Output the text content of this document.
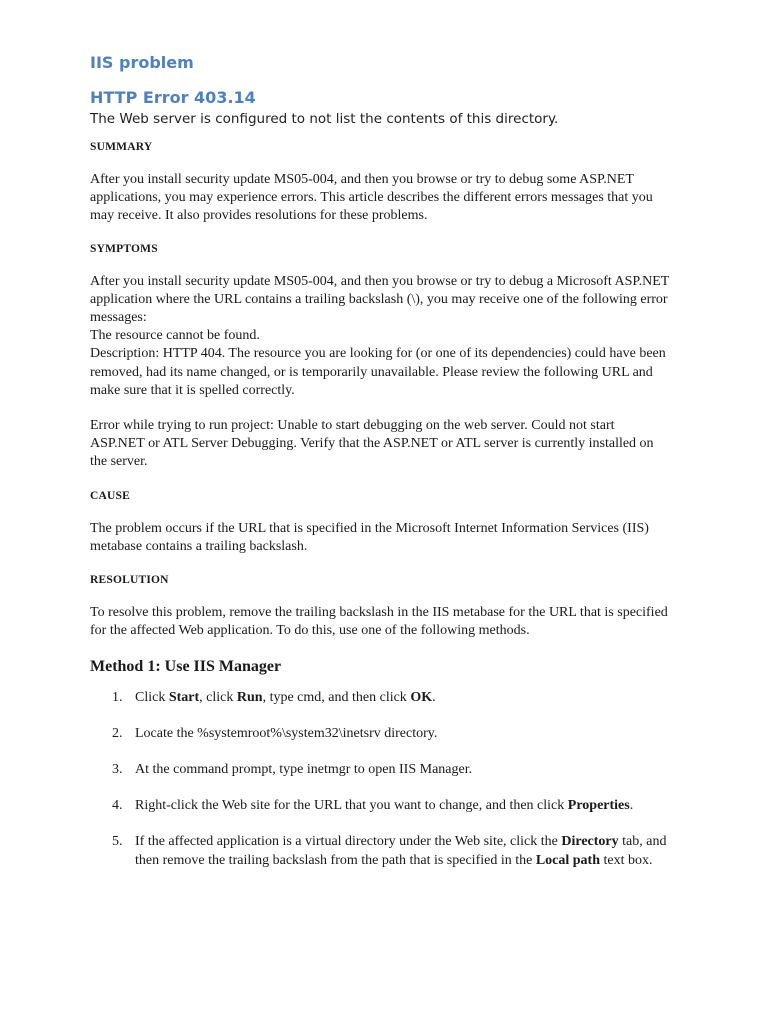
IIS problem
HTTP Error 403.14

The Web server is configured to not list the contents of this directory.

SUMMARY

After you install security update MS05-004, and then you browse or try to debug some ASP.NET applications, you may experience errors. This article describes the different errors messages that you may receive. It also provides resolutions for these problems.

SYMPTOMS

After you install security update MS05-004, and then you browse or try to debug a Microsoft ASP.NET application where the URL contains a trailing backslash (\), you may receive one of the following error messages:
The resource cannot be found.
Description: HTTP 404. The resource you are looking for (or one of its dependencies) could have been removed, had its name changed, or is temporarily unavailable. Please review the following URL and make sure that it is spelled correctly.

Error while trying to run project: Unable to start debugging on the web server. Could not start ASP.NET or ATL Server Debugging. Verify that the ASP.NET or ATL server is currently installed on the server.

CAUSE

The problem occurs if the URL that is specified in the Microsoft Internet Information Services (IIS) metabase contains a trailing backslash.

RESOLUTION

To resolve this problem, remove the trailing backslash in the IIS metabase for the URL that is specified for the affected Web application. To do this, use one of the following methods.

Method 1: Use IIS Manager
1. Click Start, click Run, type cmd, and then click OK.
2. Locate the %systemroot%\system32\inetsrv directory.
3. At the command prompt, type inetmgr to open IIS Manager.
4. Right-click the Web site for the URL that you want to change, and then click Properties.
5. If the affected application is a virtual directory under the Web site, click the Directory tab, and then remove the trailing backslash from the path that is specified in the Local path text box.
